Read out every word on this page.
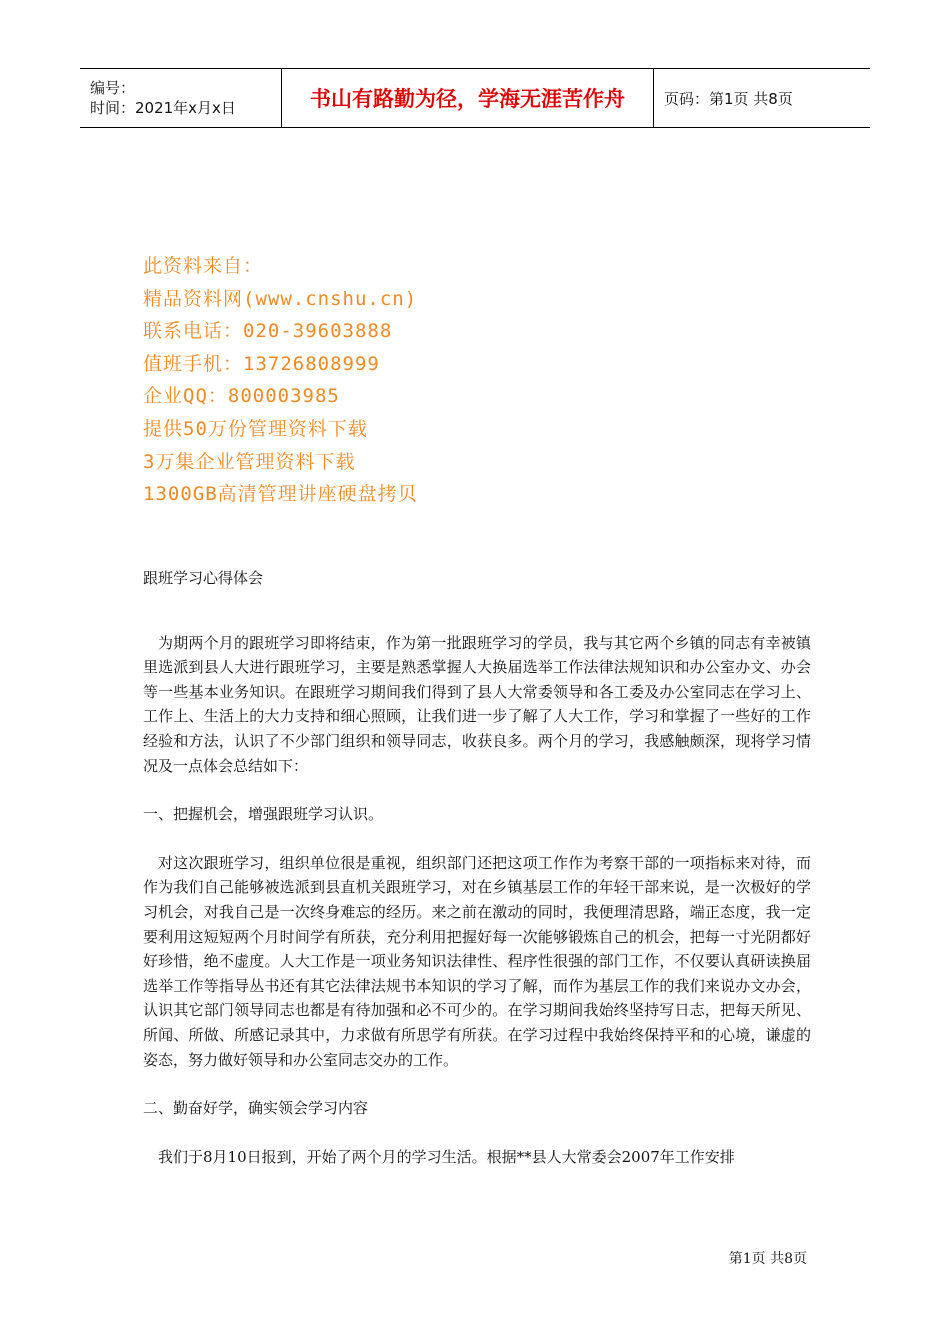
编号：
时间：2021年x月x日	书山有路勤为径，学海无涯苦作舟	页码：第1页 共8页
此资料来自：
精品资料网(www.cnshu.cn)
联系电话：020-39603888
值班手机：13726808999
企业QQ：800003985
提供50万份管理资料下载
3万集企业管理资料下载
1300GB高清管理讲座硬盘拷贝
跟班学习心得体会

为期两个月的跟班学习即将结束，作为第一批跟班学习的学员，我与其它两个乡镇的同志有幸被镇里选派到县人大进行跟班学习，主要是熟悉掌握人大换届选举工作法律法规知识和办公室办文、办会等一些基本业务知识。在跟班学习期间我们得到了县人大常委领导和各工委及办公室同志在学习上、工作上、生活上的大力支持和细心照顾，让我们进一步了解了人大工作，学习和掌握了一些好的工作经验和方法，认识了不少部门组织和领导同志，收获良多。两个月的学习，我感触颇深，现将学习情况及一点体会总结如下：

一、把握机会，增强跟班学习认识。

对这次跟班学习，组织单位很是重视，组织部门还把这项工作作为考察干部的一项指标来对待，而作为我们自己能够被选派到县直机关跟班学习，对在乡镇基层工作的年轻干部来说，是一次极好的学习机会，对我自己是一次终身难忘的经历。来之前在激动的同时，我便理清思路，端正态度，我一定要利用这短短两个月时间学有所获，充分利用把握好每一次能够锻炼自己的机会，把每一寸光阴都好好珍惜，绝不虚度。人大工作是一项业务知识法律性、程序性很强的部门工作，不仅要认真研读换届选举工作等指导丛书还有其它法律法规书本知识的学习了解，而作为基层工作的我们来说办文办会，认识其它部门领导同志也都是有待加强和必不可少的。在学习期间我始终坚持写日志，把每天所见、所闻、所做、所感记录其中，力求做有所思学有所获。在学习过程中我始终保持平和的心境，谦虚的姿态，努力做好领导和办公室同志交办的工作。

二、勤奋好学，确实领会学习内容

我们于8月10日报到，开始了两个月的学习生活。根据**县人大常委会2007年工作安排

第1页 共8页
